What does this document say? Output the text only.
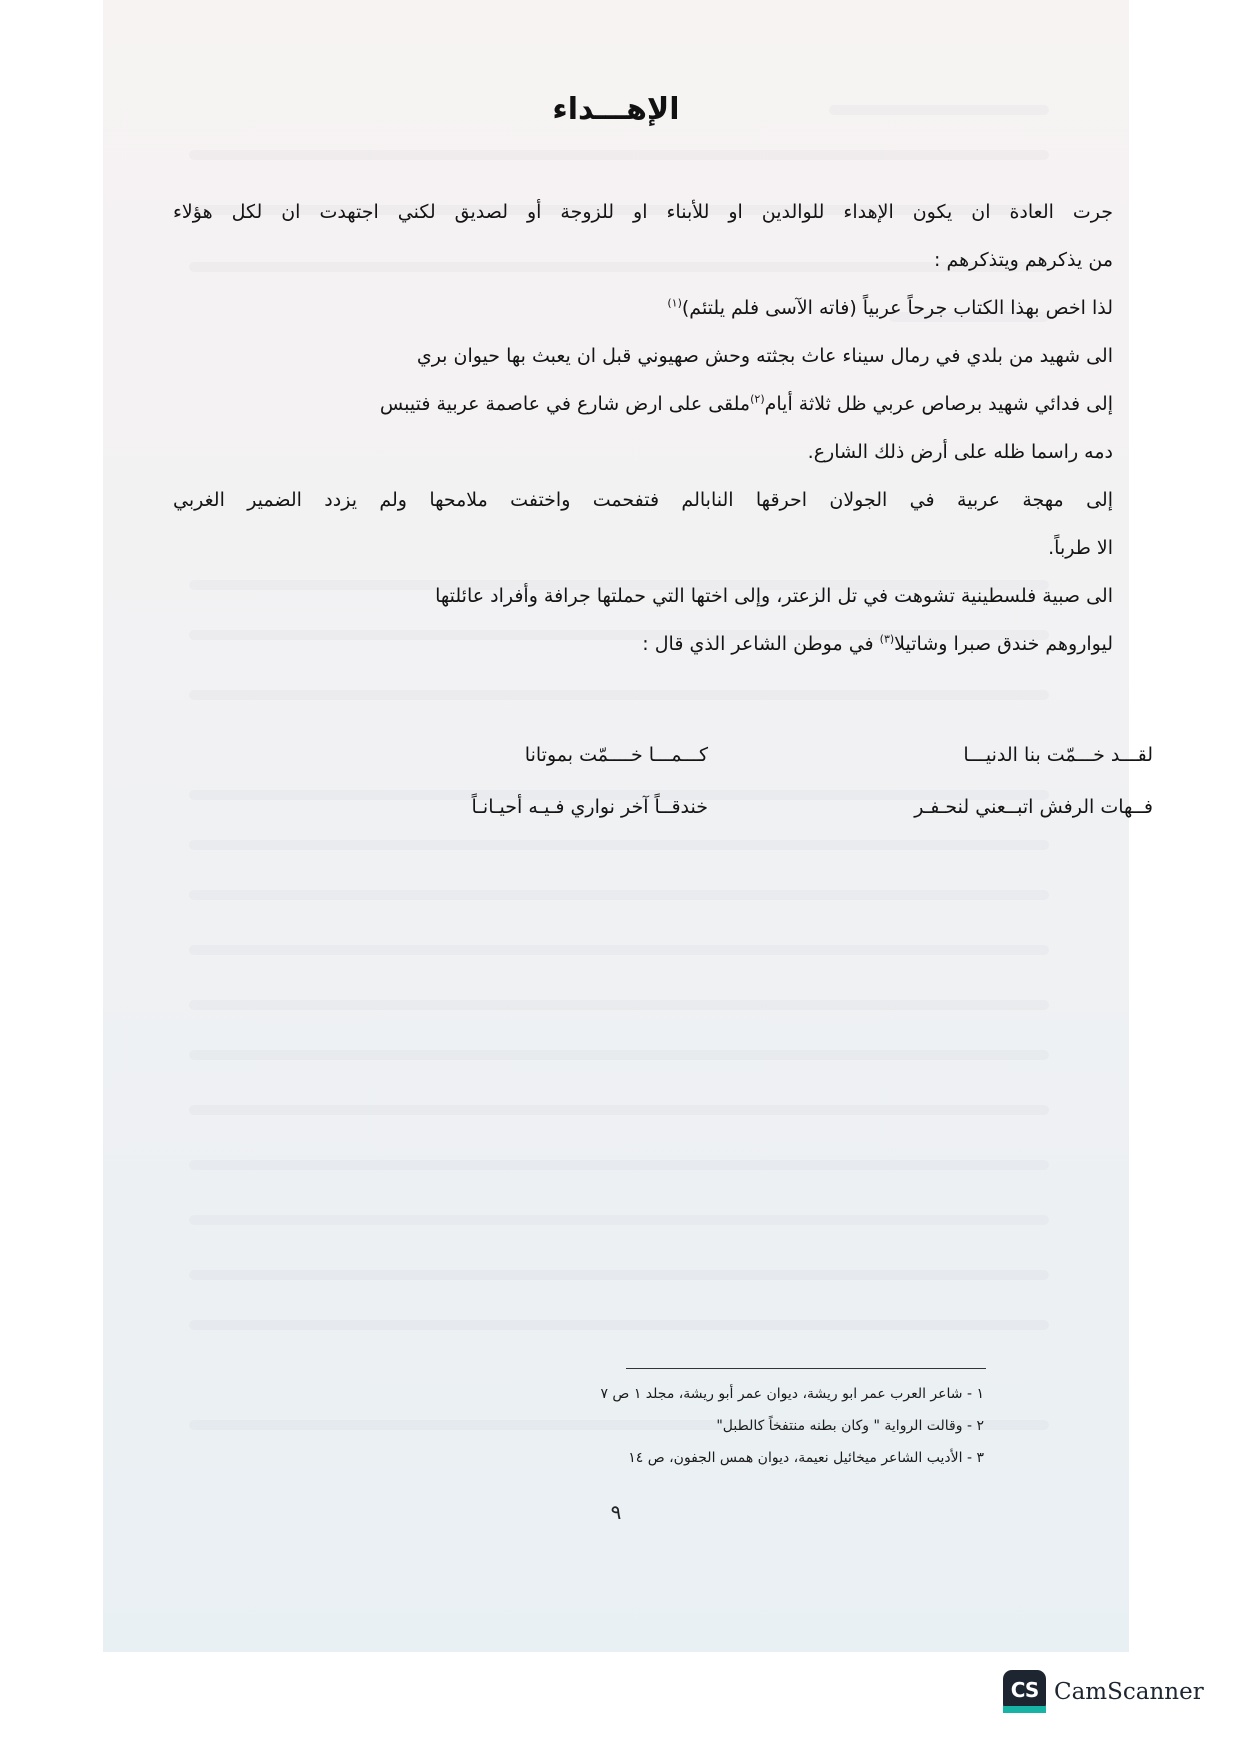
الإهـــداء

جرت العادة ان يكون الإهداء للوالدين او للأبناء او للزوجة أو لصديق لكني اجتهدت ان لكل هؤلاء
من يذكرهم ويتذكرهم :

لذا اخص بهذا الكتاب جرحاً عربياً (فاته الآسى فلم يلتئم)$^{(١)}$

الى شهيد من بلدي في رمال سيناء عاث بجثته وحش صهيوني قبل ان يعبث بها حيوان بري

إلى فدائي شهيد برصاص عربي ظل ثلاثة أيام$^{(٢)}$ملقى على ارض شارع في عاصمة عربية فتيبس
دمه راسما ظله على أرض ذلك الشارع.

إلى مهجة عربية في الجولان احرقها النابالم فتفحمت واختفت ملامحها ولم يزدد الضمير الغربي
الا طرباً.

الى صبية فلسطينية تشوهت في تل الزعتر، وإلى اختها التي حملتها جرافة وأفراد عائلتها
ليواروهم خندق صبرا وشاتيلا$^{(٣)}$ في موطن الشاعر الذي قال :

لقـــد خـــمّت بنا الدنيـــا
كـــمـــا خــــمّت بموتانا
فــهات الرفش اتبــعني لنحـفـر
خندقــاً آخر نواري فـيـه أحيـانـاً
١ - شاعر العرب عمر ابو ريشة، ديوان عمر أبو ريشة، مجلد ١ ص ٧
٢ - وقالت الرواية " وكان بطنه منتفخاً كالطبل"
٣ - الأديب الشاعر ميخائيل نعيمة، ديوان همس الجفون، ص ١٤
٩
CS CamScanner
